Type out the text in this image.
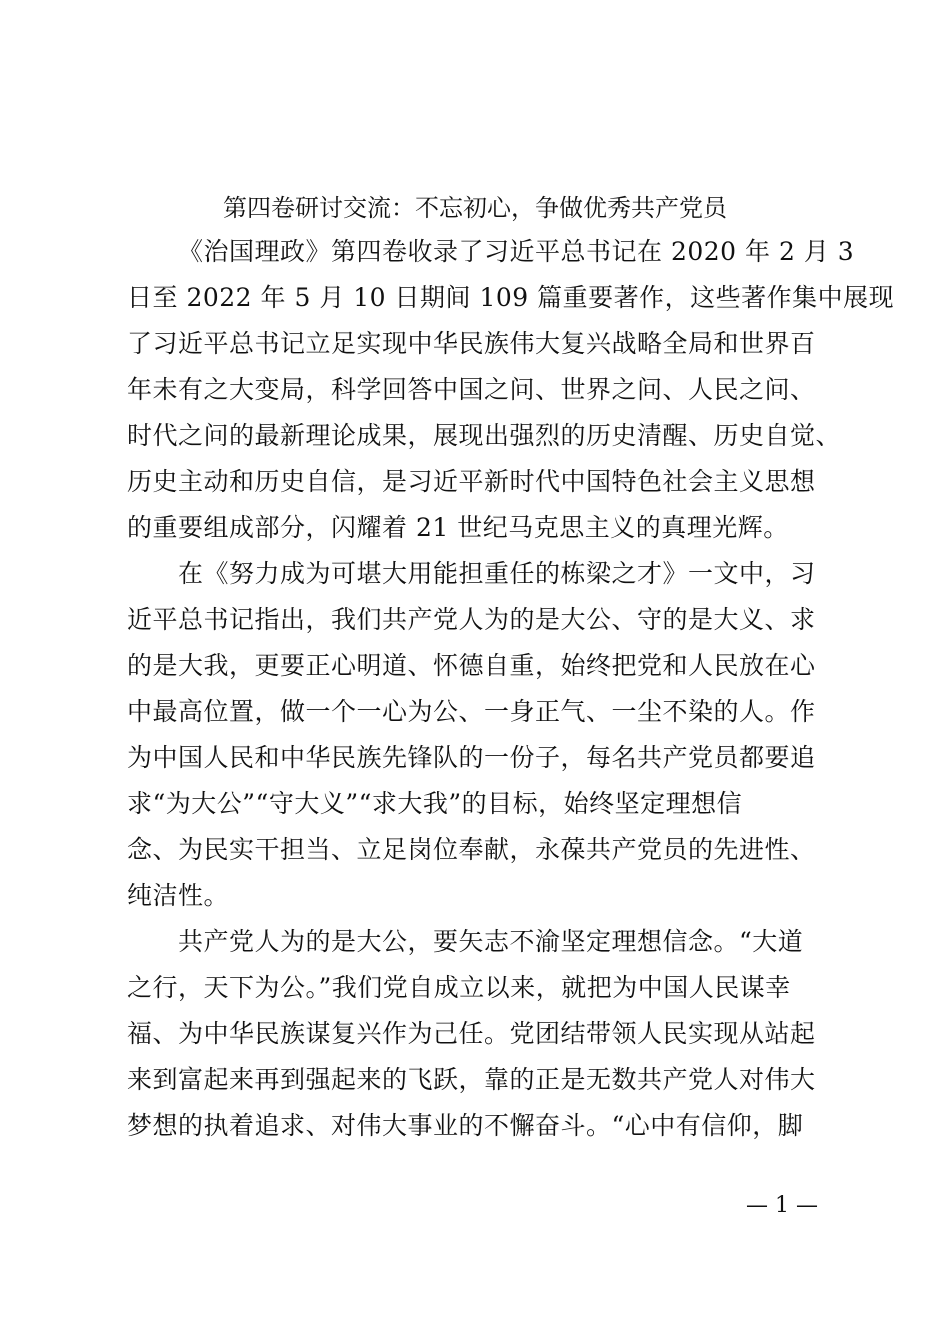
第四卷研讨交流：不忘初心，争做优秀共产党员
《治国理政》第四卷收录了习近平总书记在 2020 年 2 月 3
日至 2022 年 5 月 10 日期间 109 篇重要著作，这些著作集中展现
了习近平总书记立足实现中华民族伟大复兴战略全局和世界百
年未有之大变局，科学回答中国之问、世界之问、人民之问、
时代之问的最新理论成果，展现出强烈的历史清醒、历史自觉、
历史主动和历史自信，是习近平新时代中国特色社会主义思想
的重要组成部分，闪耀着 21 世纪马克思主义的真理光辉。
在《努力成为可堪大用能担重任的栋梁之才》一文中，习
近平总书记指出，我们共产党人为的是大公、守的是大义、求
的是大我，更要正心明道、怀德自重，始终把党和人民放在心
中最高位置，做一个一心为公、一身正气、一尘不染的人。作
为中国人民和中华民族先锋队的一份子，每名共产党员都要追
求“为大公”“守大义”“求大我”的目标，始终坚定理想信
念、为民实干担当、立足岗位奉献，永葆共产党员的先进性、
纯洁性。
共产党人为的是大公，要矢志不渝坚定理想信念。“大道
之行，天下为公。”我们党自成立以来，就把为中国人民谋幸
福、为中华民族谋复兴作为己任。党团结带领人民实现从站起
来到富起来再到强起来的飞跃，靠的正是无数共产党人对伟大
梦想的执着追求、对伟大事业的不懈奋斗。“心中有信仰，脚
— 1 —
